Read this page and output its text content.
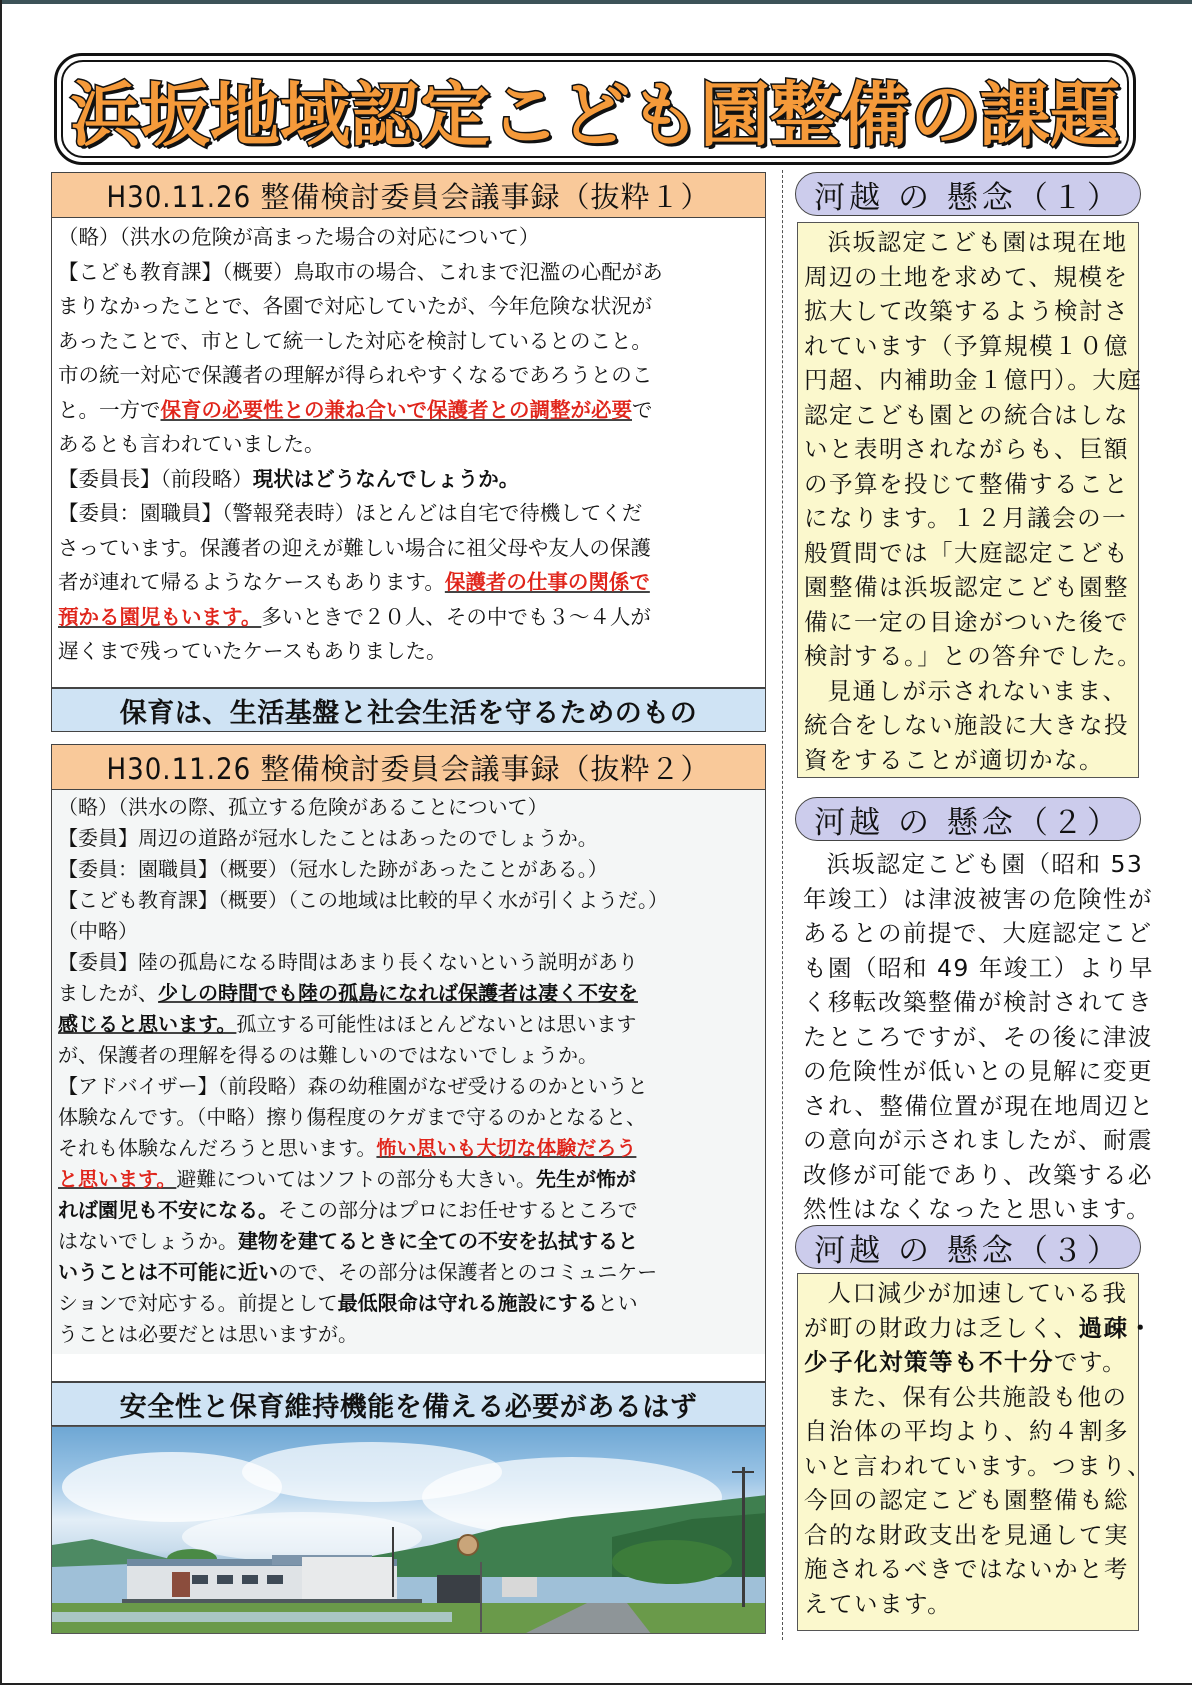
浜坂地域認定こども園整備の課題
H30.11.26 整備検討委員会議事録（抜粋１）
（略）（洪水の危険が高まった場合の対応について）
【こども教育課】（概要）鳥取市の場合、これまで氾濫の心配があ
まりなかったことで、各園で対応していたが、今年危険な状況が
あったことで、市として統一した対応を検討しているとのこと。
市の統一対応で保護者の理解が得られやすくなるであろうとのこ
と。一方で保育の必要性との兼ね合いで保護者との調整が必要で
あるとも言われていました。
【委員長】（前段略）現状はどうなんでしょうか。
【委員：園職員】（警報発表時）ほとんどは自宅で待機してくだ
さっています。保護者の迎えが難しい場合に祖父母や友人の保護
者が連れて帰るようなケースもあります。保護者の仕事の関係で
預かる園児もいます。多いときで２０人、その中でも３～４人が
遅くまで残っていたケースもありました。
保育は、生活基盤と社会生活を守るためのもの
H30.11.26 整備検討委員会議事録（抜粋２）
（略）（洪水の際、孤立する危険があることについて）
【委員】周辺の道路が冠水したことはあったのでしょうか。
【委員：園職員】（概要）（冠水した跡があったことがある。）
【こども教育課】（概要）（この地域は比較的早く水が引くようだ。）
（中略）
【委員】陸の孤島になる時間はあまり長くないという説明があり
ましたが、少しの時間でも陸の孤島になれば保護者は凄く不安を
感じると思います。孤立する可能性はほとんどないとは思います
が、保護者の理解を得るのは難しいのではないでしょうか。
【アドバイザー】（前段略）森の幼稚園がなぜ受けるのかというと
体験なんです。（中略）擦り傷程度のケガまで守るのかとなると、
それも体験なんだろうと思います。怖い思いも大切な体験だろう
と思います。避難についてはソフトの部分も大きい。先生が怖が
れば園児も不安になる。そこの部分はプロにお任せするところで
はないでしょうか。建物を建てるときに全ての不安を払拭すると
いうことは不可能に近いので、その部分は保護者とのコミュニケー
ションで対応する。前提として最低限命は守れる施設にするとい
うことは必要だとは思いますが。
安全性と保育維持機能を備える必要があるはず
河越 の 懸念（１）
浜坂認定こども園は現在地
周辺の土地を求めて、規模を
拡大して改築するよう検討さ
れています（予算規模１０億
円超、内補助金１億円）。大庭
認定こども園との統合はしな
いと表明されながらも、巨額
の予算を投じて整備すること
になります。１２月議会の一
般質問では「大庭認定こども
園整備は浜坂認定こども園整
備に一定の目途がついた後で
検討する。」との答弁でした。
見通しが示されないまま、
統合をしない施設に大きな投
資をすることが適切かな。
河越 の 懸念（２）
浜坂認定こども園（昭和 53
年竣工）は津波被害の危険性が
あるとの前提で、大庭認定こど
も園（昭和 49 年竣工）より早
く移転改築整備が検討されてき
たところですが、その後に津波
の危険性が低いとの見解に変更
され、整備位置が現在地周辺と
の意向が示されましたが、耐震
改修が可能であり、改築する必
然性はなくなったと思います。
河越 の 懸念（３）
人口減少が加速している我
が町の財政力は乏しく、過疎・
少子化対策等も不十分です。
また、保有公共施設も他の
自治体の平均より、約４割多
いと言われています。つまり、
今回の認定こども園整備も総
合的な財政支出を見通して実
施されるべきではないかと考
えています。
